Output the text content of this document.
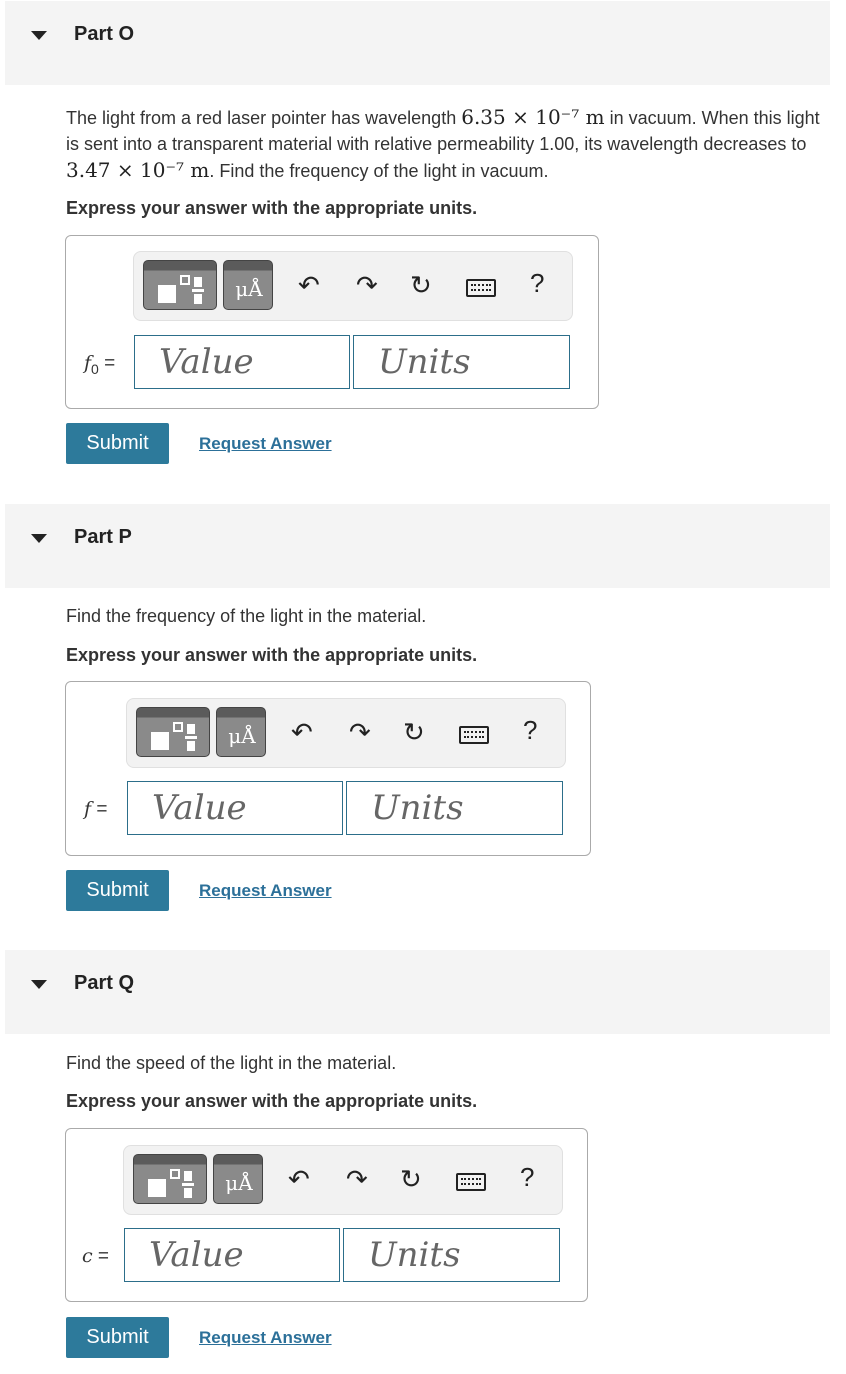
Part O
The light from a red laser pointer has wavelength 6.35 × 10⁻⁷ m in vacuum. When this light is sent into a transparent material with relative permeability 1.00, its wavelength decreases to 3.47 × 10⁻⁷ m. Find the frequency of the light in vacuum.
Express your answer with the appropriate units.
μÅ	↶ ↷ ↻	?
$f_0$ =
Value
Units
Submit	Request Answer
Part P
Find the frequency of the light in the material.
Express your answer with the appropriate units.
μÅ	↶ ↷ ↻	?
f =
Value
Units
Submit	Request Answer
Part Q
Find the speed of the light in the material.
Express your answer with the appropriate units.
μÅ	↶ ↷ ↻	?
c =
Value
Units
Submit	Request Answer
